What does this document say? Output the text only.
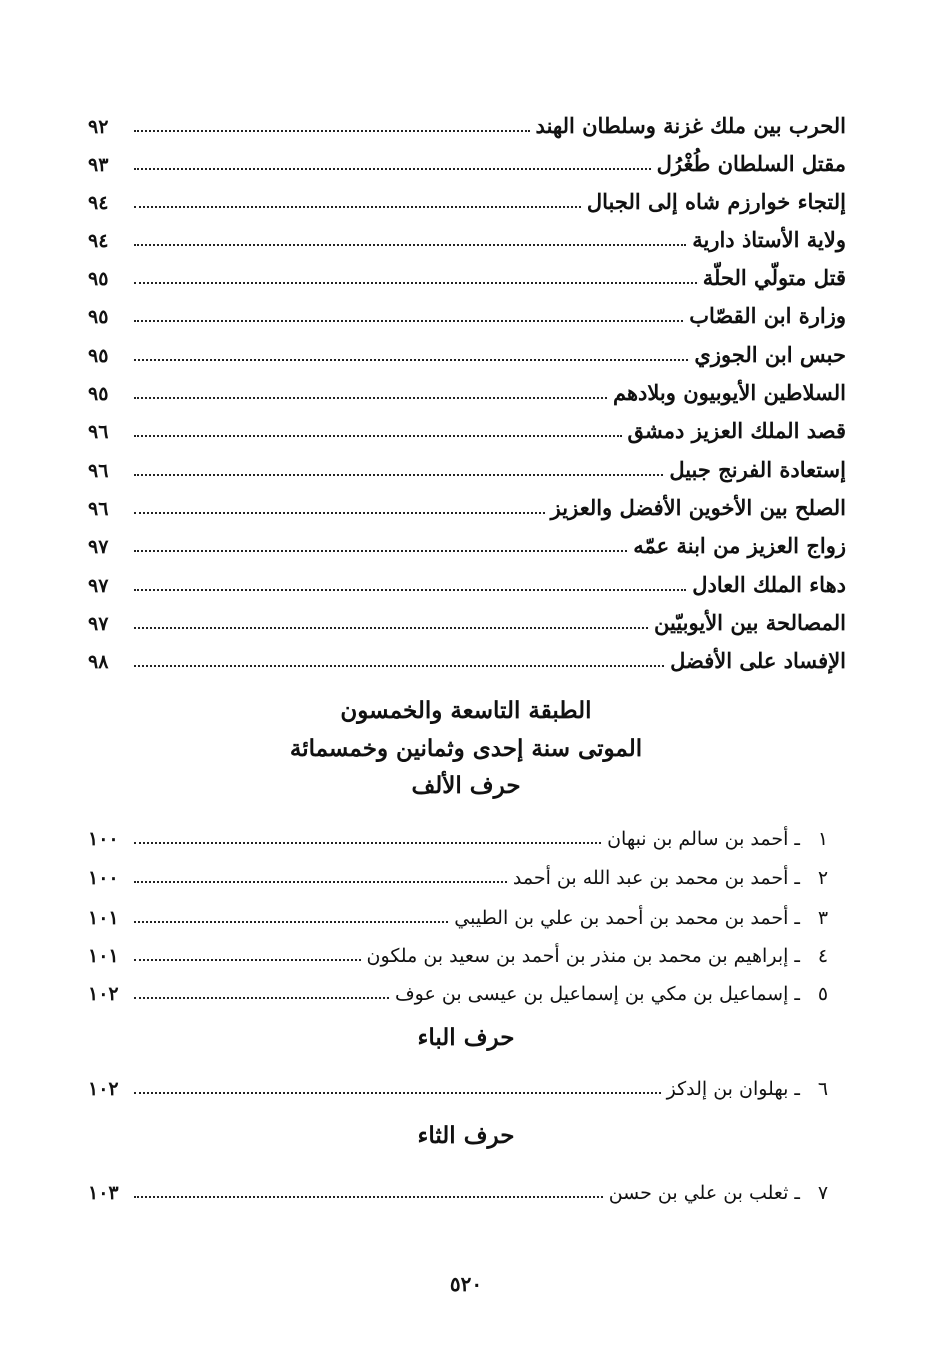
الحرب بين ملك غزنة وسلطان الهند
٩٢
مقتل السلطان طُغْرُل
٩٣
إلتجاء خوارزم شاه إلى الجبال
٩٤
ولاية الأستاذ دارية
٩٤
قتل متولّي الحلّة
٩٥
وزارة ابن القصّاب
٩٥
حبس ابن الجوزي
٩٥
السلاطين الأيوبيون وبلادهم
٩٥
قصد الملك العزيز دمشق
٩٦
إستعادة الفرنج جبيل
٩٦
الصلح بين الأخوين الأفضل والعزيز
٩٦
زواج العزيز من ابنة عمّه
٩٧
دهاء الملك العادل
٩٧
المصالحة بين الأيوبيّين
٩٧
الإفساد على الأفضل
٩٨
الطبقة التاسعة والخمسون
الموتى سنة إحدى وثمانين وخمسمائة
حرف الألف
١
ـ أحمد بن سالم بن نبهان
١٠٠
٢
ـ أحمد بن محمد بن عبد الله بن أحمد
١٠٠
٣
ـ أحمد بن محمد بن أحمد بن علي بن الطيبي
١٠١
٤
ـ إبراهيم بن محمد بن منذر بن أحمد بن سعيد بن ملكون
١٠١
٥
ـ إسماعيل بن مكي بن إسماعيل بن عيسى بن عوف
١٠٢
حرف الباء
٦
ـ بهلوان بن إلدكز
١٠٢
حرف الثاء
٧
ـ ثعلب بن علي بن حسن
١٠٣
٥٢٠
